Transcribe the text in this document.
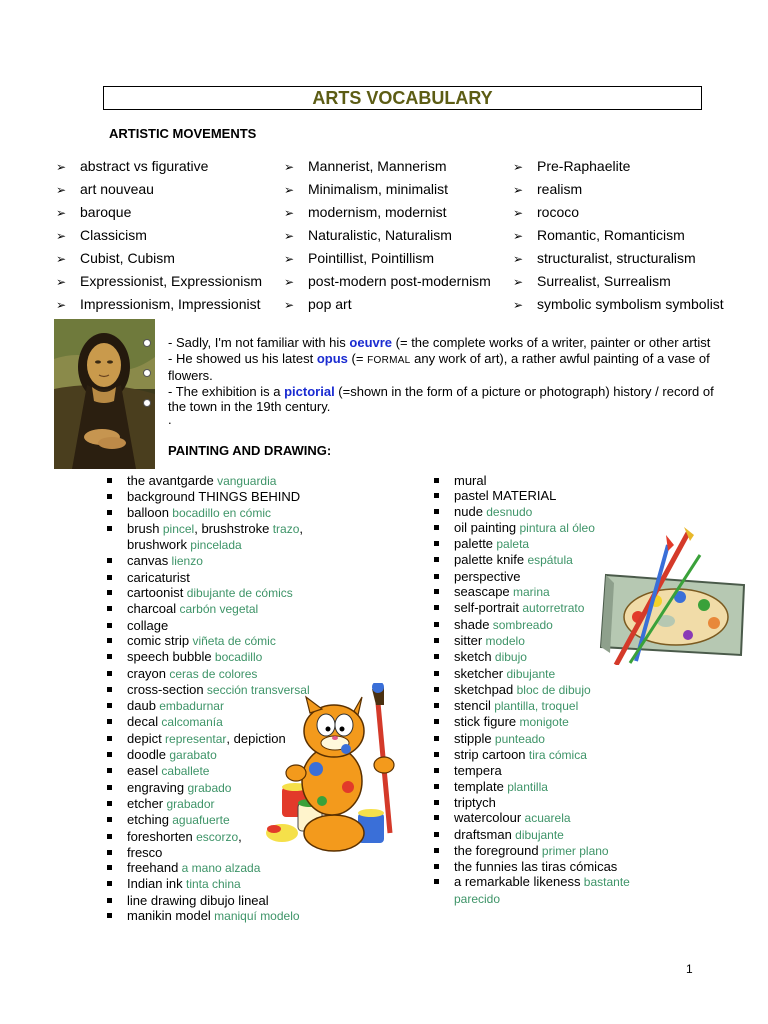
ARTS VOCABULARY
ARTISTIC MOVEMENTS
➢ abstract vs figurative
➢ art nouveau
➢ baroque
➢ Classicism
➢ Cubist, Cubism
➢ Expressionist, Expressionism
➢ Impressionism, Impressionist
➢ Mannerist, Mannerism
➢ Minimalism, minimalist
➢ modernism, modernist
➢ Naturalistic, Naturalism
➢ Pointillist, Pointillism
➢ post-modern post-modernism
➢ pop art
➢ Pre-Raphaelite
➢ realism
➢ rococo
➢ Romantic, Romanticism
➢ structuralist, structuralism
➢ Surrealist, Surrealism
➢ symbolic symbolism symbolist

- Sadly, I'm not familiar with his oeuvre (= the complete works of a writer, painter or other artist

- He showed us his latest opus (= FORMAL any work of art), a rather awful painting of a vase of flowers.

- The exhibition is a pictorial (=shown in the form of a picture or photograph) history / record of the town in the 19th century.

.

PAINTING AND DRAWING:
the avantgarde vanguardia
background THINGS BEHIND
balloon bocadillo en cómic
brush pincel, brushstroke trazo, brushwork pincelada
canvas lienzo
caricaturist
cartoonist dibujante de cómics
charcoal carbón vegetal
collage
comic strip viñeta de cómic
speech bubble bocadillo
crayon ceras de colores
cross-section sección transversal
daub embadurnar
decal calcomanía
depict representar, depiction
doodle garabato
easel caballete
engraving grabado
etcher grabador
etching aguafuerte
foreshorten escorzo,
fresco
freehand a mano alzada
Indian ink tinta china
line drawing dibujo lineal
manikin model maniquí modelo
mural
pastel MATERIAL
nude desnudo
oil painting pintura al óleo
palette paleta
palette knife espátula
perspective
seascape marina
self-portrait autorretrato
shade sombreado
sitter modelo
sketch dibujo
sketcher dibujante
sketchpad bloc de dibujo
stencil plantilla, troquel
stick figure monigote
stipple punteado
strip cartoon tira cómica
tempera
template plantilla
triptych
watercolour acuarela
draftsman dibujante
the foreground primer plano
the funnies las tiras cómicas
a remarkable likeness bastante parecido
1
